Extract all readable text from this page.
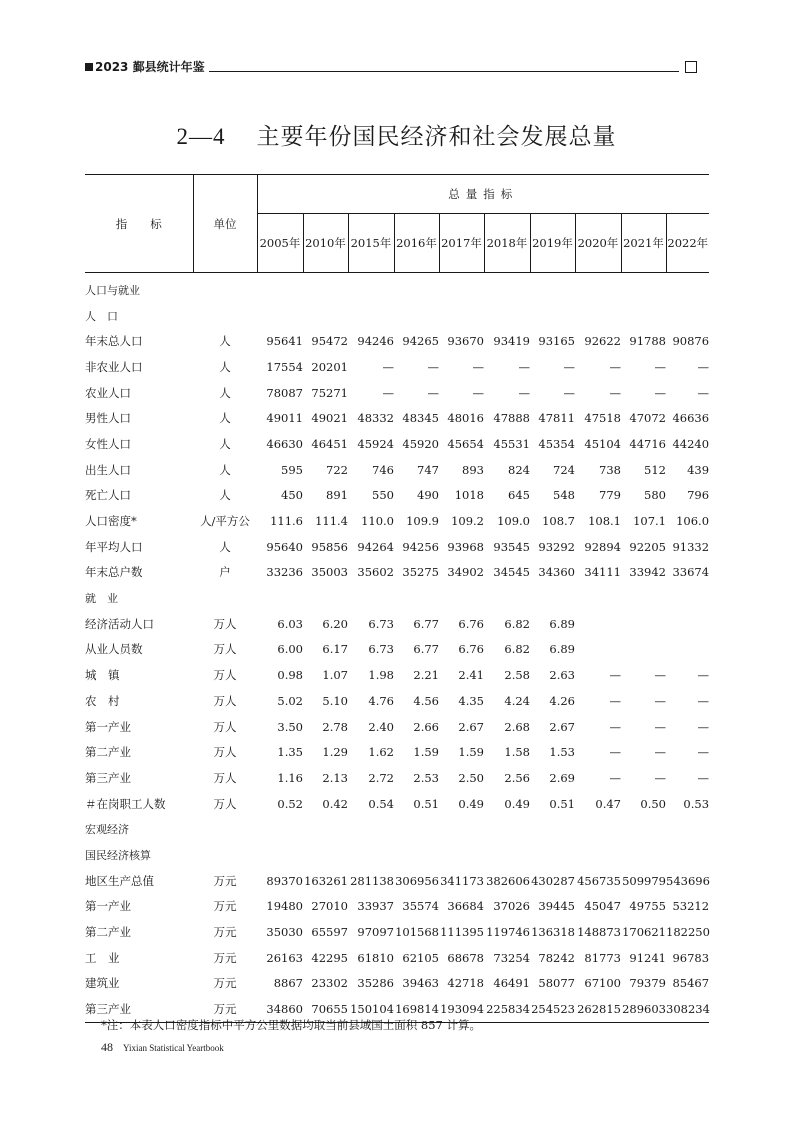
2023 鄞县统计年鉴
2—4 主要年份国民经济和社会发展总量
指　　标	单位	总量指标									
		2005年	2010年	2015年	2016年	2017年	2018年	2019年	2020年	2021年	2022年
人口与就业											
人　口											
年末总人口	人	95641	95472	94246	94265	93670	93419	93165	92622	91788	90876
非农业人口	人	17554	20201	—	—	—	—	—	—	—	—
农业人口	人	78087	75271	—	—	—	—	—	—	—	—
男性人口	人	49011	49021	48332	48345	48016	47888	47811	47518	47072	46636
女性人口	人	46630	46451	45924	45920	45654	45531	45354	45104	44716	44240
出生人口	人	595	722	746	747	893	824	724	738	512	439
死亡人口	人	450	891	550	490	1018	645	548	779	580	796
人口密度*	人/平方公	111.6	111.4	110.0	109.9	109.2	109.0	108.7	108.1	107.1	106.0
年平均人口	人	95640	95856	94264	94256	93968	93545	93292	92894	92205	91332
年末总户数	户	33236	35003	35602	35275	34902	34545	34360	34111	33942	33674
就　业											
经济活动人口	万人	6.03	6.20	6.73	6.77	6.76	6.82	6.89			
从业人员数	万人	6.00	6.17	6.73	6.77	6.76	6.82	6.89			
城　镇	万人	0.98	1.07	1.98	2.21	2.41	2.58	2.63	—	—	—
农　村	万人	5.02	5.10	4.76	4.56	4.35	4.24	4.26	—	—	—
第一产业	万人	3.50	2.78	2.40	2.66	2.67	2.68	2.67	—	—	—
第二产业	万人	1.35	1.29	1.62	1.59	1.59	1.58	1.53	—	—	—
第三产业	万人	1.16	2.13	2.72	2.53	2.50	2.56	2.69	—	—	—
＃在岗职工人数	万人	0.52	0.42	0.54	0.51	0.49	0.49	0.51	0.47	0.50	0.53
宏观经济											
国民经济核算											
地区生产总值	万元	89370	163261	281138	306956	341173	382606	430287	456735	509979	543696
第一产业	万元	19480	27010	33937	35574	36684	37026	39445	45047	49755	53212
第二产业	万元	35030	65597	97097	101568	111395	119746	136318	148873	170621	182250
工　业	万元	26163	42295	61810	62105	68678	73254	78242	81773	91241	96783
建筑业	万元	8867	23302	35286	39463	42718	46491	58077	67100	79379	85467
第三产业	万元	34860	70655	150104	169814	193094	225834	254523	262815	289603	308234
*注：本表人口密度指标中平方公里数据均取当前县域国土面积 857 计算。
48 Yixian Statistical Yeartbook
